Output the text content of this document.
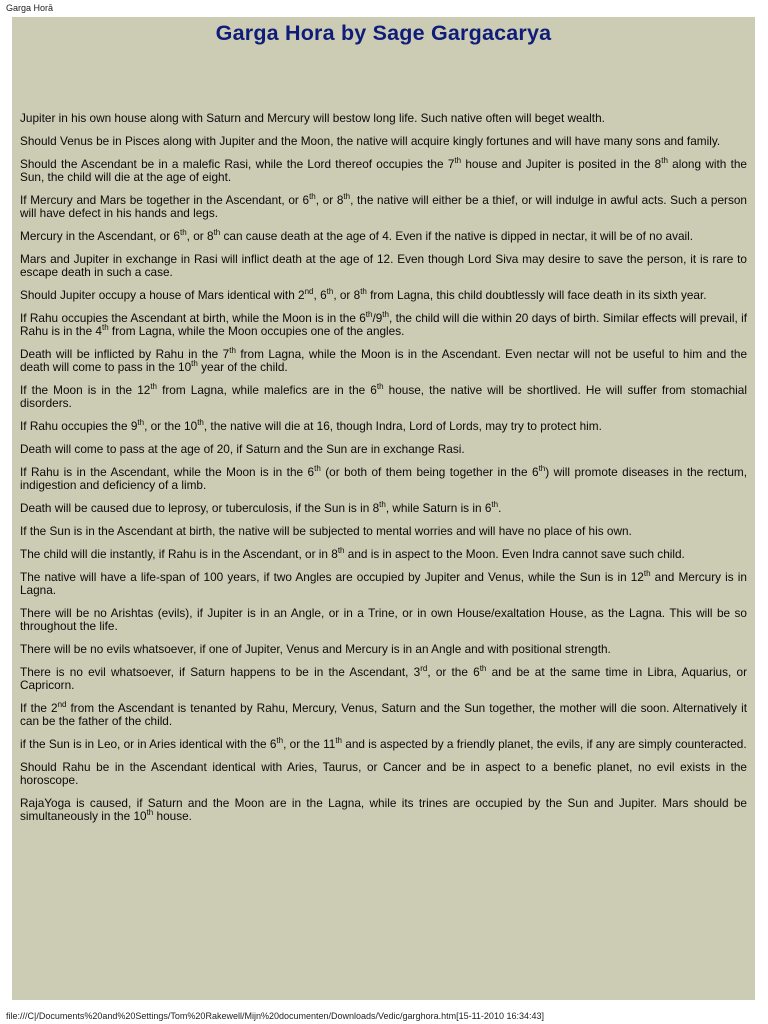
Garga Horā
Garga Hora by Sage Gargacarya

Jupiter in his own house along with Saturn and Mercury will bestow long life. Such native often will beget wealth.

Should Venus be in Pisces along with Jupiter and the Moon, the native will acquire kingly fortunes and will have many sons and family.

Should the Ascendant be in a malefic Rasi, while the Lord thereof occupies the 7th house and Jupiter is posited in the 8th along with the Sun, the child will die at the age of eight.

If Mercury and Mars be together in the Ascendant, or 6th, or 8th, the native will either be a thief, or will indulge in awful acts. Such a person will have defect in his hands and legs.

Mercury in the Ascendant, or 6th, or 8th can cause death at the age of 4. Even if the native is dipped in nectar, it will be of no avail.

Mars and Jupiter in exchange in Rasi will inflict death at the age of 12. Even though Lord Siva may desire to save the person, it is rare to escape death in such a case.

Should Jupiter occupy a house of Mars identical with 2nd, 6th, or 8th from Lagna, this child doubtlessly will face death in its sixth year.

If Rahu occupies the Ascendant at birth, while the Moon is in the 6th/9th, the child will die within 20 days of birth. Similar effects will prevail, if Rahu is in the 4th from Lagna, while the Moon occupies one of the angles.

Death will be inflicted by Rahu in the 7th from Lagna, while the Moon is in the Ascendant. Even nectar will not be useful to him and the death will come to pass in the 10th year of the child.

If the Moon is in the 12th from Lagna, while malefics are in the 6th house, the native will be shortlived. He will suffer from stomachial disorders.

If Rahu occupies the 9th, or the 10th, the native will die at 16, though Indra, Lord of Lords, may try to protect him.

Death will come to pass at the age of 20, if Saturn and the Sun are in exchange Rasi.

If Rahu is in the Ascendant, while the Moon is in the 6th (or both of them being together in the 6th) will promote diseases in the rectum, indigestion and deficiency of a limb.

Death will be caused due to leprosy, or tuberculosis, if the Sun is in 8th, while Saturn is in 6th.

If the Sun is in the Ascendant at birth, the native will be subjected to mental worries and will have no place of his own.

The child will die instantly, if Rahu is in the Ascendant, or in 8th and is in aspect to the Moon. Even Indra cannot save such child.

The native will have a life-span of 100 years, if two Angles are occupied by Jupiter and Venus, while the Sun is in 12th and Mercury is in Lagna.

There will be no Arishtas (evils), if Jupiter is in an Angle, or in a Trine, or in own House/exaltation House, as the Lagna. This will be so throughout the life.

There will be no evils whatsoever, if one of Jupiter, Venus and Mercury is in an Angle and with positional strength.

There is no evil whatsoever, if Saturn happens to be in the Ascendant, 3rd, or the 6th and be at the same time in Libra, Aquarius, or Capricorn.

If the 2nd from the Ascendant is tenanted by Rahu, Mercury, Venus, Saturn and the Sun together, the mother will die soon. Alternatively it can be the father of the child.

if the Sun is in Leo, or in Aries identical with the 6th, or the 11th and is aspected by a friendly planet, the evils, if any are simply counteracted.

Should Rahu be in the Ascendant identical with Aries, Taurus, or Cancer and be in aspect to a benefic planet, no evil exists in the horoscope.

RajaYoga is caused, if Saturn and the Moon are in the Lagna, while its trines are occupied by the Sun and Jupiter. Mars should be simultaneously in the 10th house.

file:///C|/Documents%20and%20Settings/Tom%20Rakewell/Mijn%20documenten/Downloads/Vedic/garghora.htm[15-11-2010 16:34:43]
